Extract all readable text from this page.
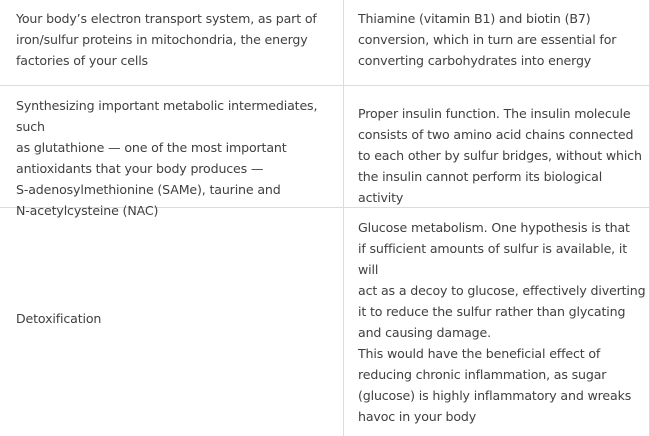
Your body’s electron transport system, as part of
iron/sulfur proteins in mitochondria, the energy
factories of your cells
Thiamine (vitamin B1) and biotin (B7)
conversion, which in turn are essential for
converting carbohydrates into energy
Synthesizing important metabolic intermediates, such
as glutathione — one of the most important
antioxidants that your body produces —
S-adenosylmethionine (SAMe), taurine and
N-acetylcysteine (NAC)
Proper insulin function. The insulin molecule
consists of two amino acid chains connected
to each other by sulfur bridges, without which
the insulin cannot perform its biological activity
Detoxification
Glucose metabolism. One hypothesis is that
if sufficient amounts of sulfur is available, it will
act as a decoy to glucose, effectively diverting
it to reduce the sulfur rather than glycating
and causing damage.
This would have the beneficial effect of
reducing chronic inflammation, as sugar
(glucose) is highly inflammatory and wreaks
havoc in your body
